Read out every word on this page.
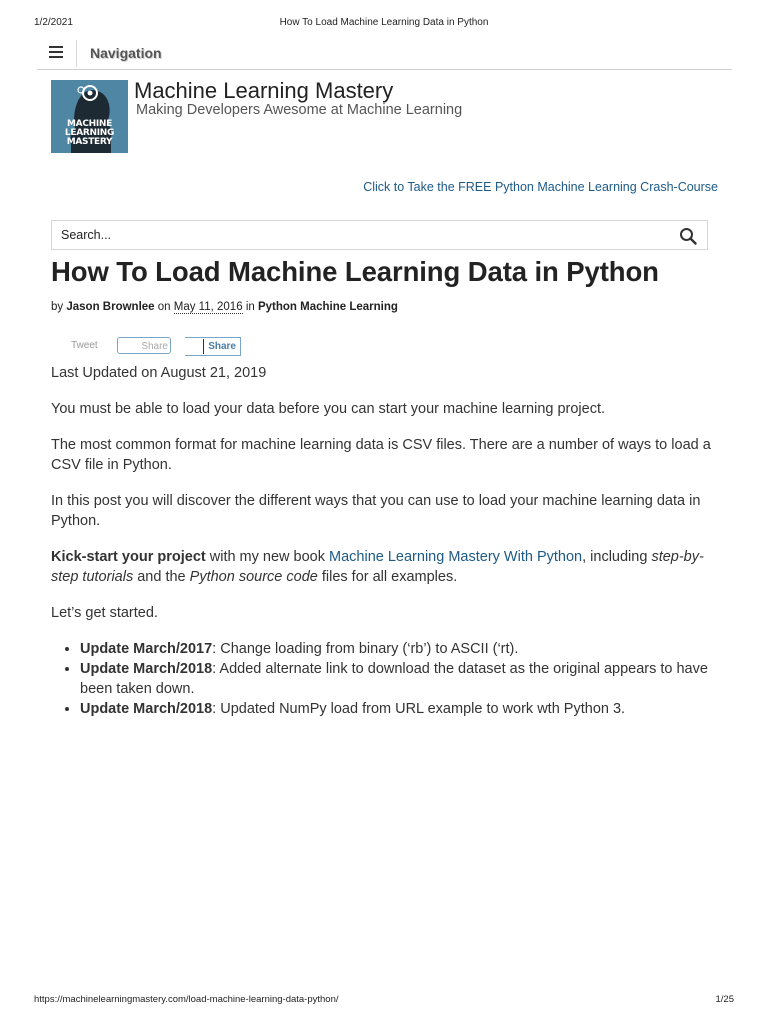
1/2/2021	How To Load Machine Learning Data in Python
Navigation
MACHINE
LEARNING
MASTERY
Machine Learning Mastery
Making Developers Awesome at Machine Learning
Click to Take the FREE Python Machine Learning Crash-Course
Search...
How To Load Machine Learning Data in Python
by Jason Brownlee on May 11, 2016 in Python Machine Learning
Tweet	Share	Share

Last Updated on August 21, 2019

You must be able to load your data before you can start your machine learning project.

The most common format for machine learning data is CSV files. There are a number of ways to load a CSV file in Python.

In this post you will discover the different ways that you can use to load your machine learning data in Python.

Kick-start your project with my new book Machine Learning Mastery With Python, including step-by-step tutorials and the Python source code files for all examples.

Let’s get started.

• Update March/2017: Change loading from binary (‘rb’) to ASCII (‘rt).
• Update March/2018: Added alternate link to download the dataset as the original appears to have been taken down.
• Update March/2018: Updated NumPy load from URL example to work wth Python 3.
https://machinelearningmastery.com/load-machine-learning-data-python/	1/25
